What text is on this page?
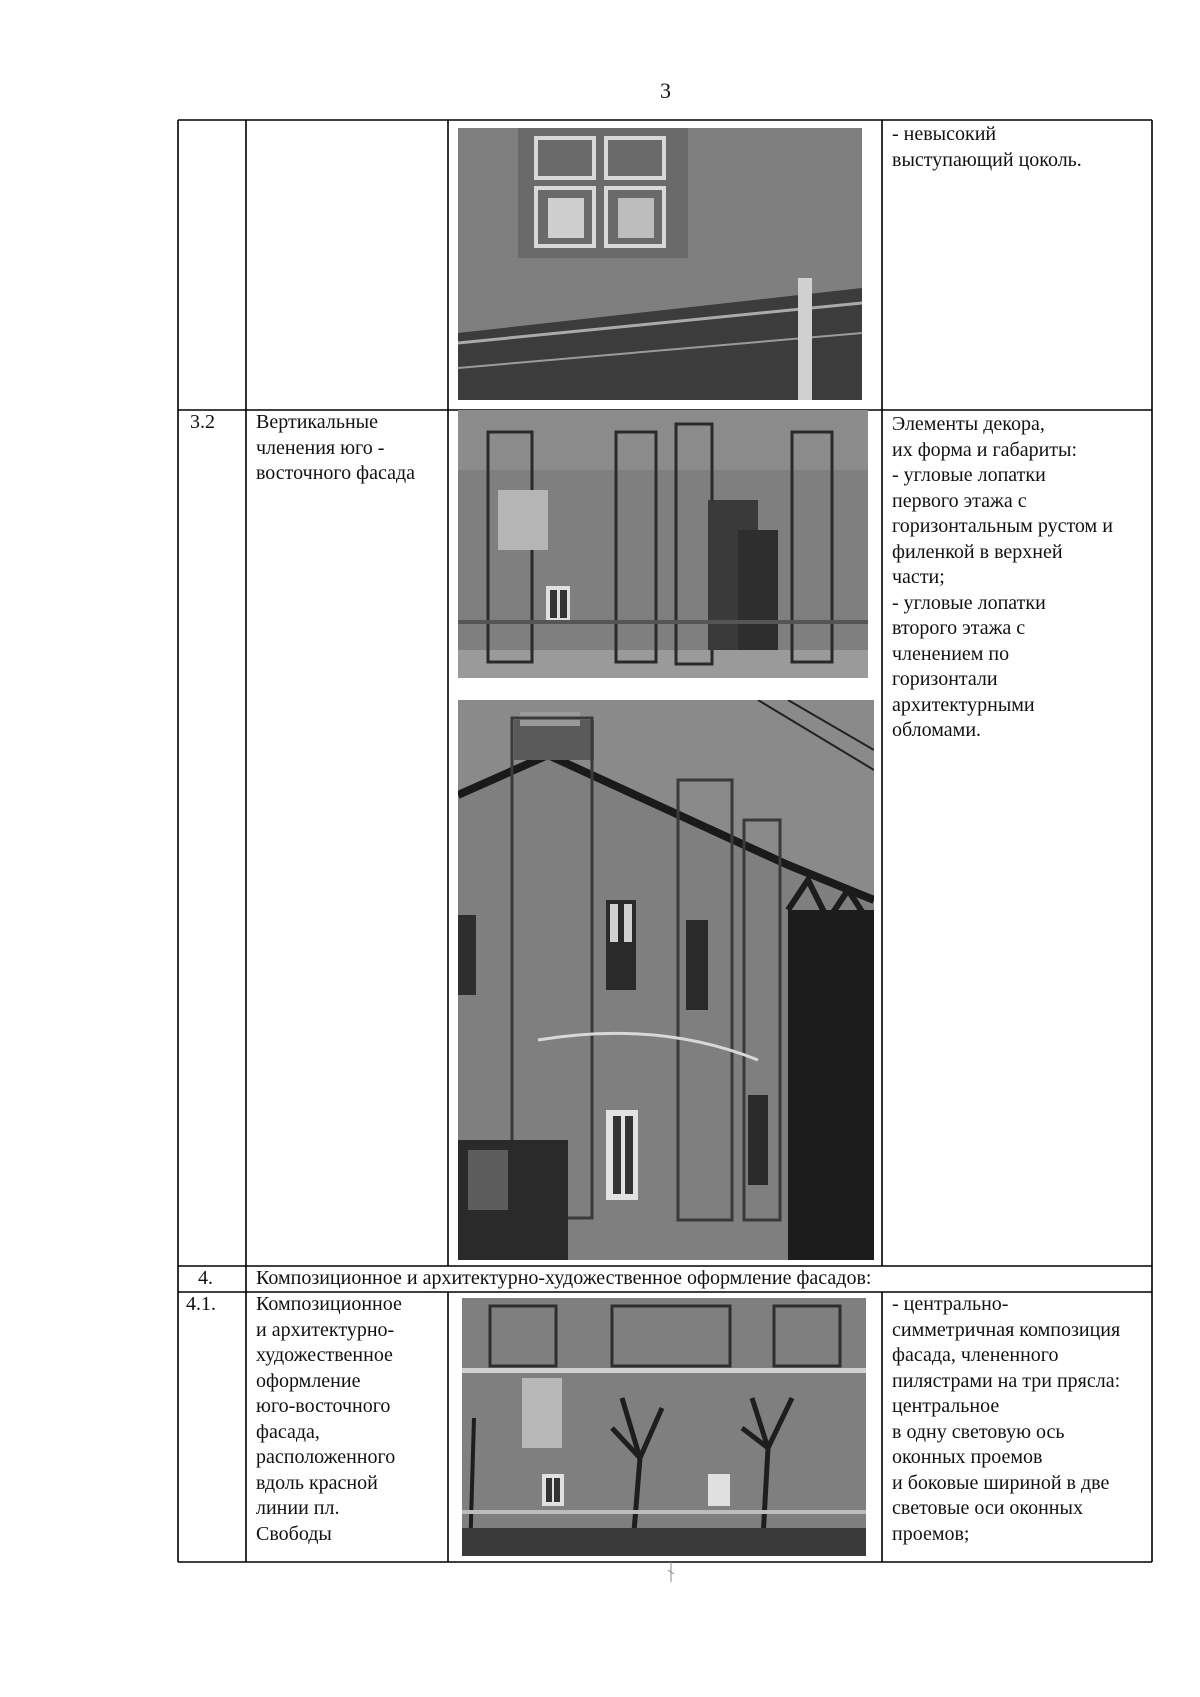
3
- невысокий
выступающий цоколь.
3.2 Вертикальные
членения юго -
восточного фасада
Элементы декора,
их форма и габариты:
- угловые лопатки
первого этажа с
горизонтальным рустом и
филенкой в верхней
части;
- угловые лопатки
второго этажа с
членением по
горизонтали
архитектурными
обломами.
4. Композиционное и архитектурно-художественное оформление фасадов:
4.1. Композиционное
и архитектурно-
художественное
оформление
юго-восточного
фасада,
расположенного
вдоль красной
линии пл.
Свободы
- центрально-
симметричная композиция
фасада, члененного
пилястрами на три прясла:
центральное
в одну световую ось
оконных проемов
и боковые шириной в две
световые оси оконных
проемов;
